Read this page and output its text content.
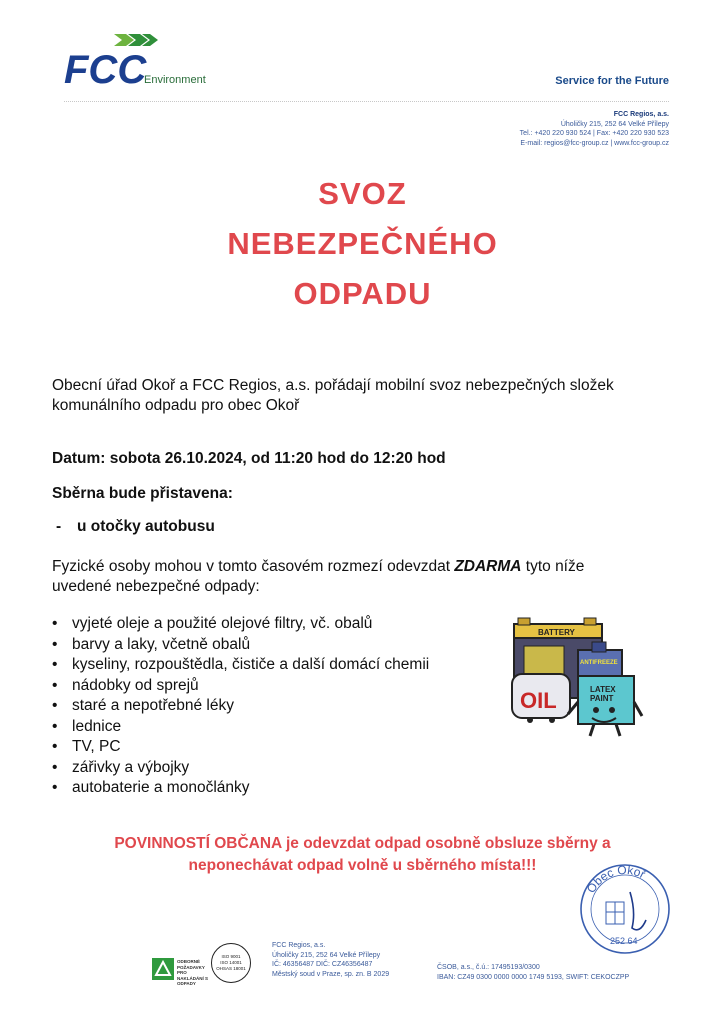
FCC
Environment	Service for the Future
FCC Regios, a.s.
Úholičky 215, 252 64 Velké Přílepy
Tel.: +420 220 930 524 | Fax: +420 220 930 523
E-mail: regios@fcc-group.cz | www.fcc-group.cz
SVOZ
NEBEZPEČNÉHO
ODPADU
Obecní úřad Okoř a FCC Regios, a.s. pořádají mobilní svoz nebezpečných složek
komunálního odpadu pro obec Okoř
Datum: sobota 26.10.2024, od 11:20 hod do 12:20 hod
Sběrna bude přistavena:
- u otočky autobusu
Fyzické osoby mohou v tomto časovém rozmezí odevzdat ZDARMA tyto níže
uvedené nebezpečné odpady:
• vyjeté oleje a použité olejové filtry, vč. obalů
• barvy a laky, včetně obalů
• kyseliny, rozpouštědla, čističe a další domácí chemii
• nádobky od sprejů
• staré a nepotřebné léky
• lednice
• TV, PC
• zářivky a výbojky
• autobaterie a monočlánky
BATTERY
ANTIFREEZE
OIL	LATEX
PAINT
POVINNOSTÍ OBČANA je odevzdat odpad osobně obsluze sběrny a
neponechávat odpad volně u sběrného místa!!!
Obec Okoř
252 64
ODBORNÉ POŽADAVKY PRO NAKLÁDÁNÍ S ODPADY
ISO 9001
ISO 14001
OHSAS 18001
FCC Regios, a.s.
Úholičky 215, 252 64 Velké Přílepy
IČ: 46356487 DIČ: CZ46356487
Městský soud v Praze, sp. zn. B 2029
ČSOB, a.s., č.ú.: 17495193/0300
IBAN: CZ49 0300 0000 0000 1749 5193, SWIFT: CEKOCZPP
